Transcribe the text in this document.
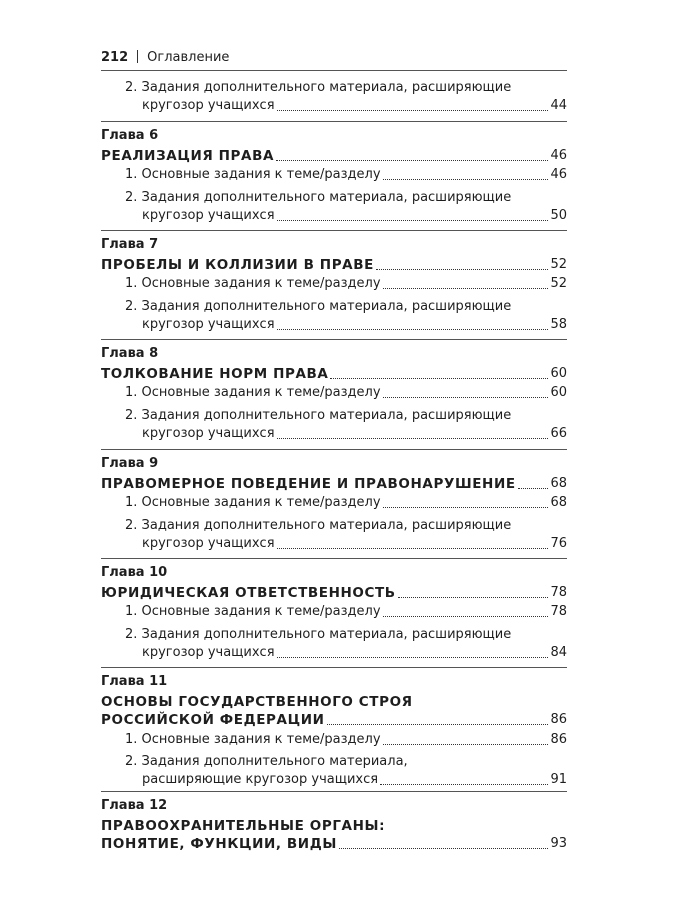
212 Оглавление
2. Задания дополнительного материала, расширяющие
кругозор учащихся	44
Глава 6
РЕАЛИЗАЦИЯ ПРАВА	46
1. Основные задания к теме/разделу	46
2. Задания дополнительного материала, расширяющие
кругозор учащихся	50
Глава 7
ПРОБЕЛЫ И КОЛЛИЗИИ В ПРАВЕ	52
1. Основные задания к теме/разделу	52
2. Задания дополнительного материала, расширяющие
кругозор учащихся	58
Глава 8
ТОЛКОВАНИЕ НОРМ ПРАВА	60
1. Основные задания к теме/разделу	60
2. Задания дополнительного материала, расширяющие
кругозор учащихся	66
Глава 9
ПРАВОМЕРНОЕ ПОВЕДЕНИЕ И ПРАВОНАРУШЕНИЕ	68
1. Основные задания к теме/разделу	68
2. Задания дополнительного материала, расширяющие
кругозор учащихся	76
Глава 10
ЮРИДИЧЕСКАЯ ОТВЕТСТВЕННОСТЬ	78
1. Основные задания к теме/разделу	78
2. Задания дополнительного материала, расширяющие
кругозор учащихся	84
Глава 11
ОСНОВЫ ГОСУДАРСТВЕННОГО СТРОЯ
РОССИЙСКОЙ ФЕДЕРАЦИИ	86
1. Основные задания к теме/разделу	86
2. Задания дополнительного материала,
расширяющие кругозор учащихся	91
Глава 12
ПРАВООХРАНИТЕЛЬНЫЕ ОРГАНЫ:
ПОНЯТИЕ, ФУНКЦИИ, ВИДЫ	93
